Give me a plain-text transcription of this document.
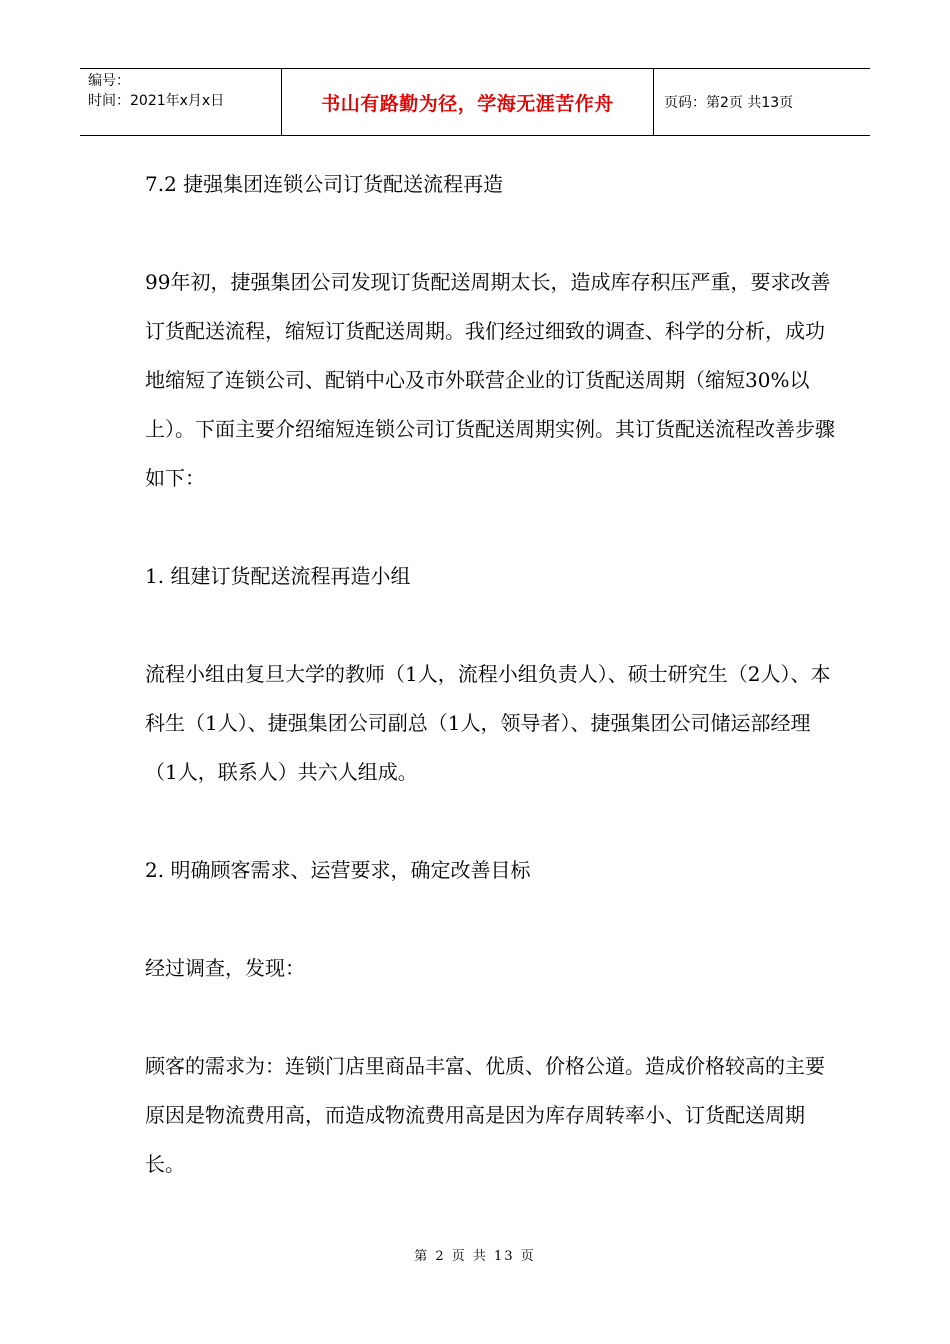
编号：
时间：2021年x月x日	书山有路勤为径，学海无涯苦作舟	页码：第2页 共13页

7.2 捷强集团连锁公司订货配送流程再造

99年初，捷强集团公司发现订货配送周期太长，造成库存积压严重，要求改善订货配送流程，缩短订货配送周期。我们经过细致的调查、科学的分析，成功地缩短了连锁公司、配销中心及市外联营企业的订货配送周期（缩短30%以上）。下面主要介绍缩短连锁公司订货配送周期实例。其订货配送流程改善步骤如下：

1. 组建订货配送流程再造小组

流程小组由复旦大学的教师（1人，流程小组负责人）、硕士研究生（2人）、本科生（1人）、捷强集团公司副总（1人，领导者）、捷强集团公司储运部经理（1人，联系人）共六人组成。

2. 明确顾客需求、运营要求，确定改善目标

经过调查，发现：

顾客的需求为：连锁门店里商品丰富、优质、价格公道。造成价格较高的主要原因是物流费用高，而造成物流费用高是因为库存周转率小、订货配送周期长。

第 2 页 共 13 页
